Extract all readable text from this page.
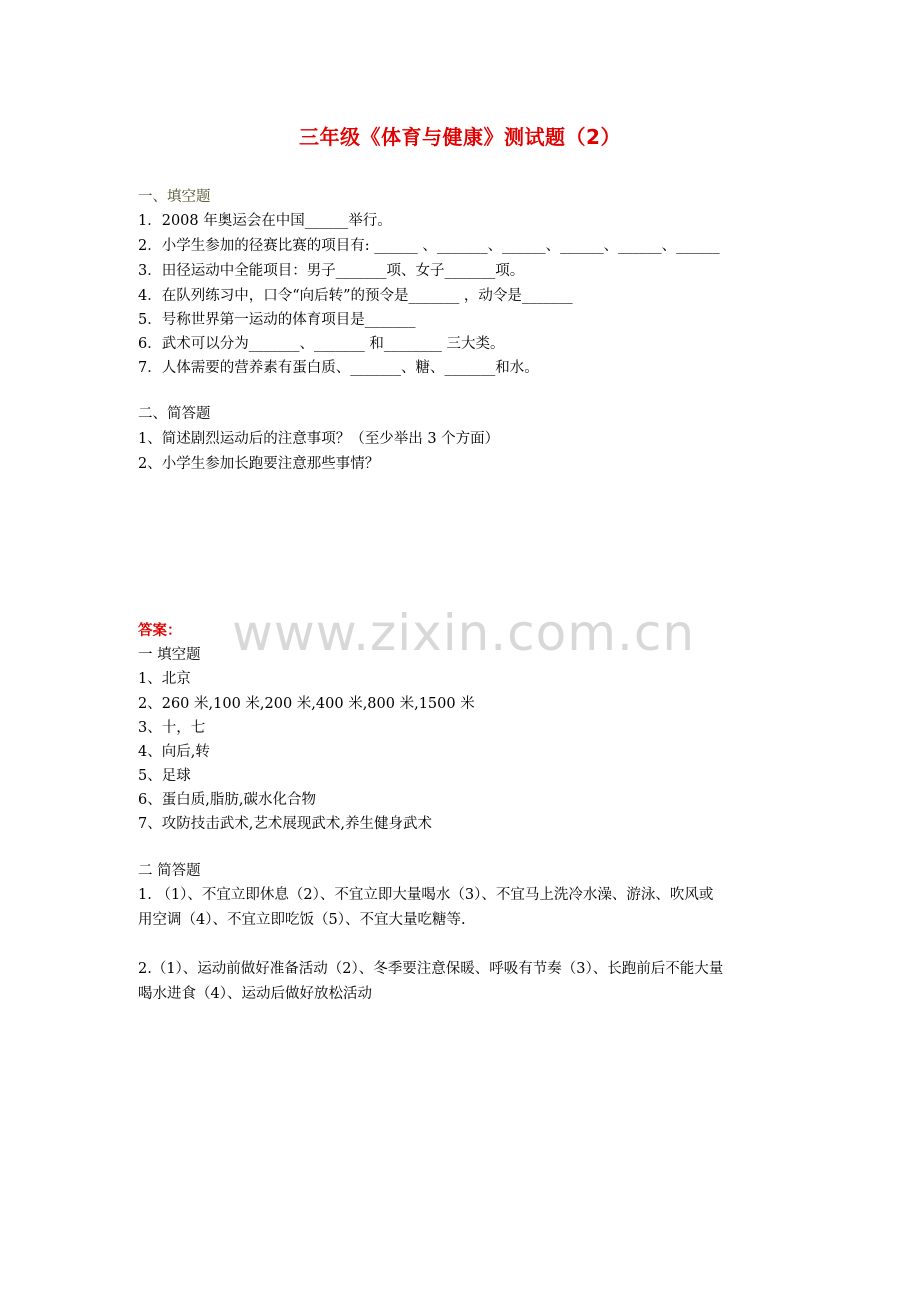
三年级《体育与健康》测试题（2）
一、填空题
1．2008 年奥运会在中国______举行。
2．小学生参加的径赛比赛的项目有: ______ 、_______、______、______、______、______
3．田径运动中全能项目：男子_______项、女子_______项。
4．在队列练习中，口令“向后转”的预令是_______ ，动令是_______
5．号称世界第一运动的体育项目是_______
6．武术可以分为_______、_______ 和________ 三大类。
7．人体需要的营养素有蛋白质、_______、糖、_______和水。
二、简答题
1、简述剧烈运动后的注意事项？（至少举出 3 个方面）
2、小学生参加长跑要注意那些事情？
www.zixin.com.cn
答案：
一 填空题
1、北京
2、260 米,100 米,200 米,400 米,800 米,1500 米
3、十，七
4、向后,转
5、足球
6、蛋白质,脂肪,碳水化合物
7、攻防技击武术,艺术展现武术,养生健身武术
二 简答题
1. （1）、不宜立即休息（2）、不宜立即大量喝水（3）、不宜马上洗冷水澡、游泳、吹风或
用空调（4）、不宜立即吃饭（5）、不宜大量吃糖等.
2.（1）、运动前做好准备活动（2）、冬季要注意保暖、呼吸有节奏（3）、长跑前后不能大量
喝水进食（4）、运动后做好放松活动
